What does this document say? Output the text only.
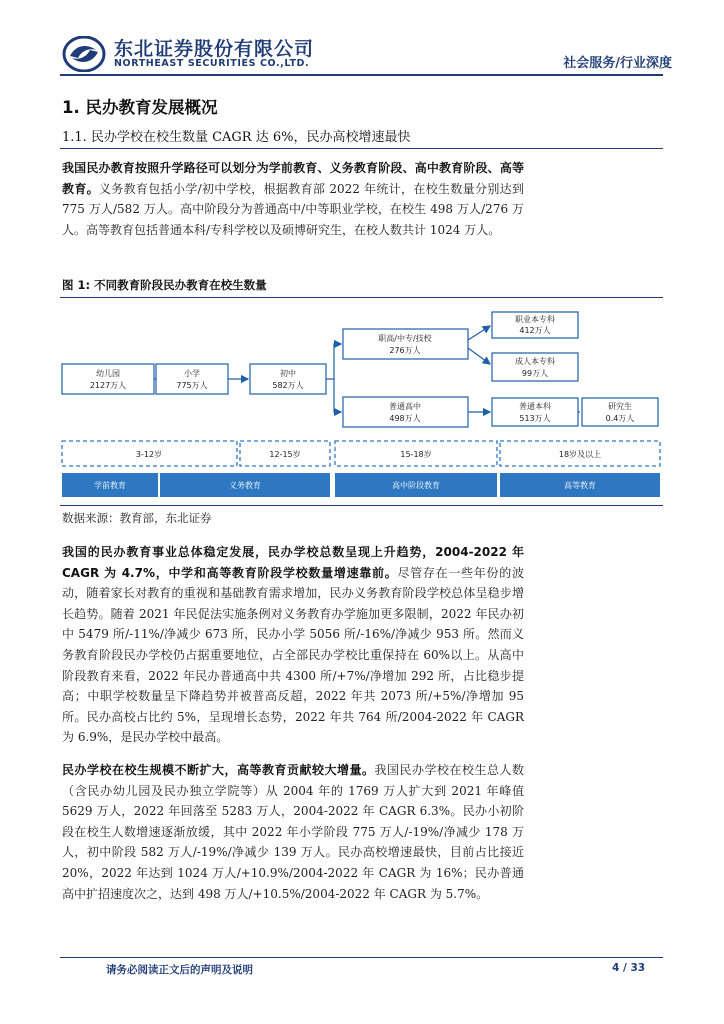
东北证券股份有限公司
NORTHEAST SECURITIES CO.,LTD.	社会服务/行业深度
1. 民办教育发展概况
1.1. 民办学校在校生数量 CAGR 达 6%，民办高校增速最快
我国民办教育按照升学路径可以划分为学前教育、义务教育阶段、高中教育阶段、高等教育。义务教育包括小学/初中学校，根据教育部 2022 年统计，在校生数量分别达到 775 万人/582 万人。高中阶段分为普通高中/中等职业学校，在校生 498 万人/276 万人。高等教育包括普通本科/专科学校以及硕博研究生，在校人数共计 1024 万人。
图 1: 不同教育阶段民办教育在校生数量
幼儿园
2127万人
小学
775万人
初中
582万人
职高/中专/技校
276万人
普通高中
498万人
职业本专科
412万人
成人本专科
99万人
普通本科
513万人
研究生
0.4万人
3-12岁	12-15岁	15-18岁	18岁及以上
学前教育	义务教育	高中阶段教育	高等教育
数据来源：教育部，东北证券
我国的民办教育事业总体稳定发展，民办学校总数呈现上升趋势，2004-2022 年 CAGR 为 4.7%，中学和高等教育阶段学校数量增速靠前。尽管存在一些年份的波动，随着家长对教育的重视和基础教育需求增加，民办义务教育阶段学校总体呈稳步增长趋势。随着 2021 年民促法实施条例对义务教育办学施加更多限制，2022 年民办初中 5479 所/-11%/净减少 673 所，民办小学 5056 所/-16%/净减少 953 所。然而义务教育阶段民办学校仍占据重要地位，占全部民办学校比重保持在 60%以上。从高中阶段教育来看，2022 年民办普通高中共 4300 所/+7%/净增加 292 所，占比稳步提高；中职学校数量呈下降趋势并被普高反超，2022 年共 2073 所/+5%/净增加 95 所。民办高校占比约 5%，呈现增长态势，2022 年共 764 所/2004-2022 年 CAGR 为 6.9%，是民办学校中最高。
民办学校在校生规模不断扩大，高等教育贡献较大增量。我国民办学校在校生总人数（含民办幼儿园及民办独立学院等）从 2004 年的 1769 万人扩大到 2021 年峰值 5629 万人，2022 年回落至 5283 万人，2004-2022 年 CAGR 6.3%。民办小初阶段在校生人数增速逐渐放缓，其中 2022 年小学阶段 775 万人/-19%/净减少 178 万人，初中阶段 582 万人/-19%/净减少 139 万人。民办高校增速最快，目前占比接近 20%，2022 年达到 1024 万人/+10.9%/2004-2022 年 CAGR 为 16%；民办普通高中扩招速度次之，达到 498 万人/+10.5%/2004-2022 年 CAGR 为 5.7%。
请务必阅读正文后的声明及说明	4 / 33
